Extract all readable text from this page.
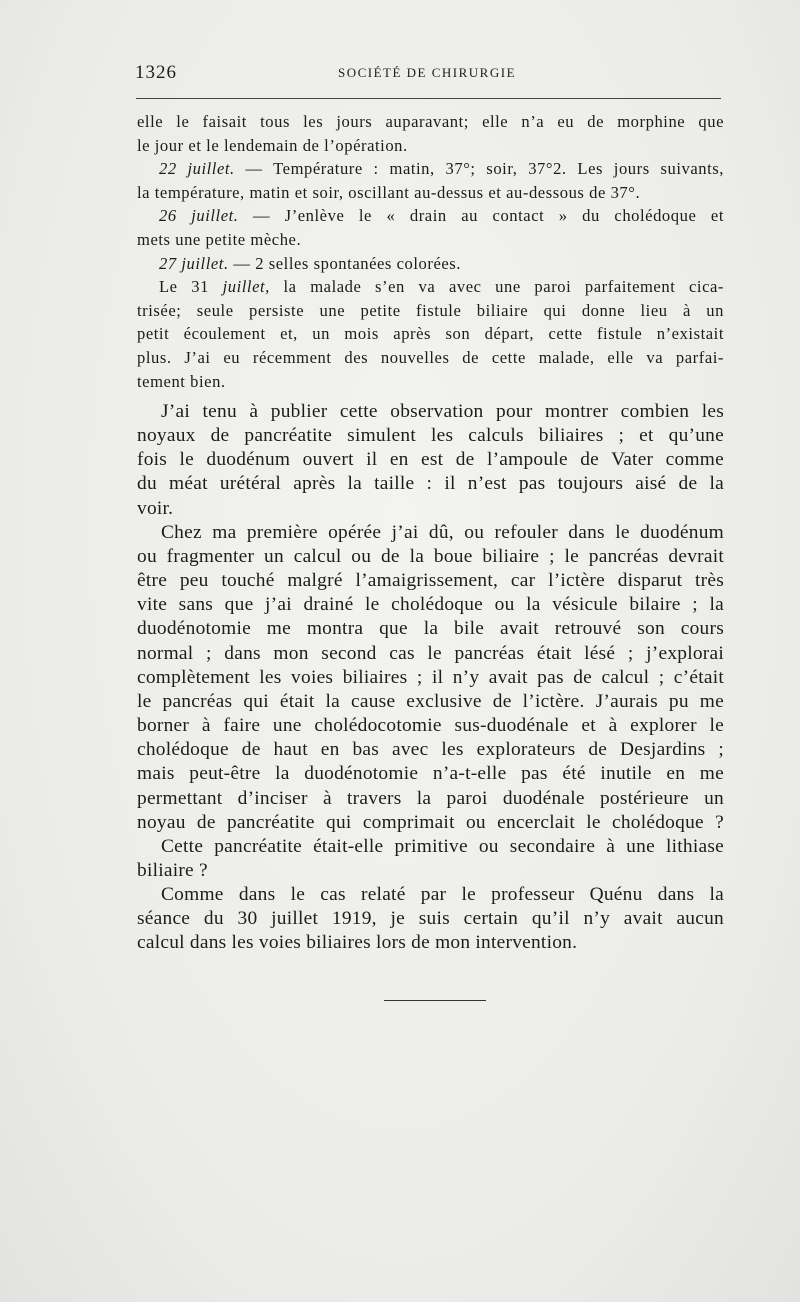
1326	SOCIÉTÉ DE CHIRURGIE

elle le faisait tous les jours auparavant; elle n’a eu de morphine que
le jour et le lendemain de l’opération.

22 juillet. — Température : matin, 37°; soir, 37°2. Les jours suivants,

la température, matin et soir, oscillant au-dessus et au-dessous de 37°.

26 juillet. — J’enlève le « drain au contact » du cholédoque et

mets une petite mèche.

27 juillet. — 2 selles spontanées colorées.

Le 31 juillet, la malade s’en va avec une paroi parfaitement cica-

trisée; seule persiste une petite fistule biliaire qui donne lieu à un
petit écoulement et, un mois après son départ, cette fistule n’existait
plus. J’ai eu récemment des nouvelles de cette malade, elle va parfai-
tement bien.

J’ai tenu à publier cette observation pour montrer combien les
noyaux de pancréatite simulent les calculs biliaires ; et qu’une
fois le duodénum ouvert il en est de l’ampoule de Vater comme
du méat urétéral après la taille : il n’est pas toujours aisé de la
voir.

Chez ma première opérée j’ai dû, ou refouler dans le duodénum
ou fragmenter un calcul ou de la boue biliaire ; le pancréas devrait
être peu touché malgré l’amaigrissement, car l’ictère disparut très
vite sans que j’ai drainé le cholédoque ou la vésicule bilaire ; la
duodénotomie me montra que la bile avait retrouvé son cours
normal ; dans mon second cas le pancréas était lésé ; j’explorai
complètement les voies biliaires ; il n’y avait pas de calcul ; c’était
le pancréas qui était la cause exclusive de l’ictère. J’aurais pu me
borner à faire une cholédocotomie sus-duodénale et à explorer le
cholédoque de haut en bas avec les explorateurs de Desjardins ;
mais peut-être la duodénotomie n’a-t-elle pas été inutile en me
permettant d’inciser à travers la paroi duodénale postérieure un
noyau de pancréatite qui comprimait ou encerclait le cholédoque ?

Cette pancréatite était-elle primitive ou secondaire à une lithiase
biliaire ?

Comme dans le cas relaté par le professeur Quénu dans la
séance du 30 juillet 1919, je suis certain qu’il n’y avait aucun
calcul dans les voies biliaires lors de mon intervention.
